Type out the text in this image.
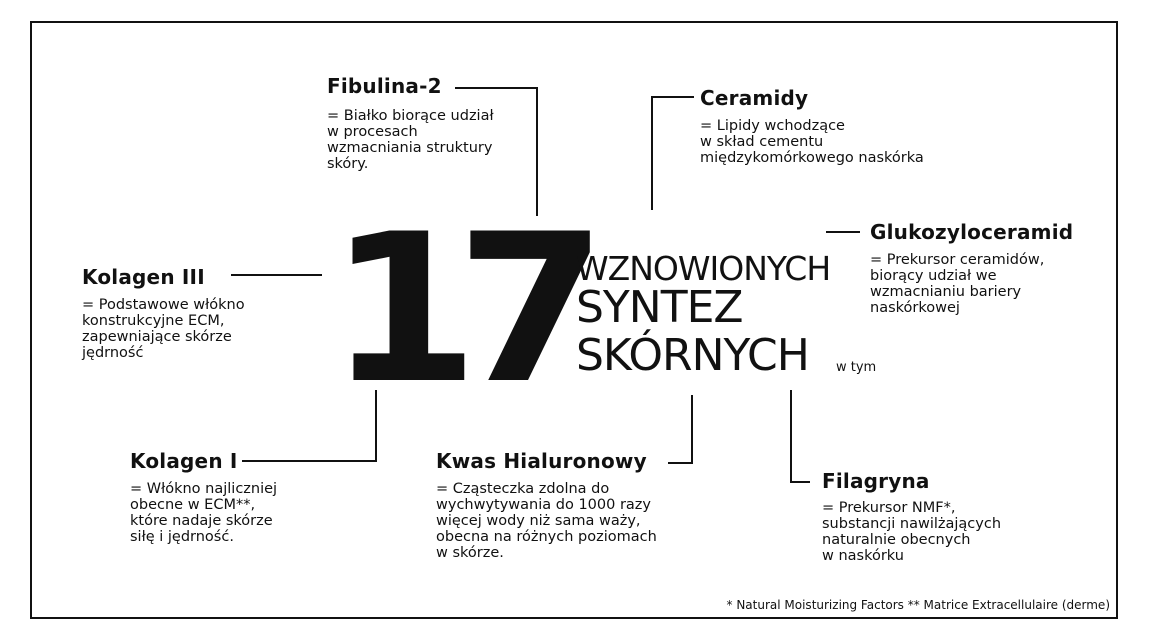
17
WZNOWIONYCH
SYNTEZ
SKÓRNYCH w tym
Fibulina-2
= Białko biorące udział
w procesach
wzmacniania struktury
skóry.
Ceramidy
= Lipidy wchodzące
w skład cementu
międzykomórkowego naskórka
Glukozyloceramid
= Prekursor ceramidów,
biorący udział we
wzmacnianiu bariery
naskórkowej
Kolagen III
= Podstawowe włókno
konstrukcyjne ECM,
zapewniające skórze
jędrność
Kolagen I
= Włókno najliczniej
obecne w ECM**,
które nadaje skórze
siłę i jędrność.
Kwas Hialuronowy
= Cząsteczka zdolna do
wychwytywania do 1000 razy
więcej wody niż sama waży,
obecna na różnych poziomach
w skórze.
Filagryna
= Prekursor NMF*,
substancji nawilżających
naturalnie obecnych
w naskórku
* Natural Moisturizing Factors ** Matrice Extracellulaire (derme)
